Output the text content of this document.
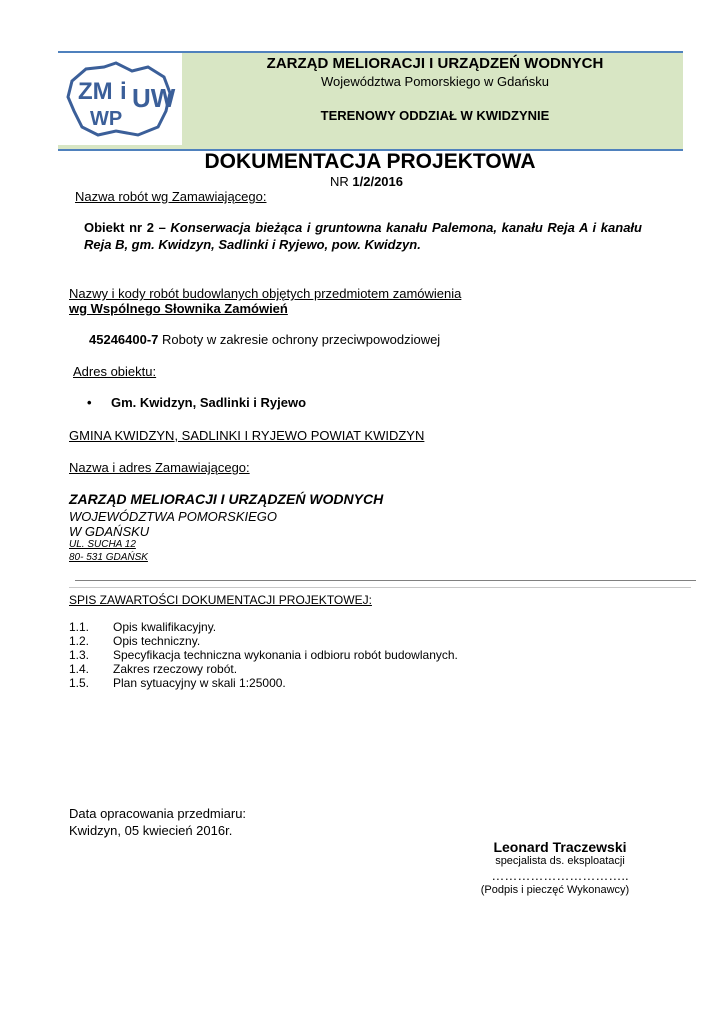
ZM i UW
WP
ZARZĄD MELIORACJI I URZĄDZEŃ WODNYCH
Województwa Pomorskiego w Gdańsku
TERENOWY ODDZIAŁ W KWIDZYNIE
DOKUMENTACJA PROJEKTOWA
NR 1/2/2016
Nazwa robót wg Zamawiającego:
Obiekt nr 2 – Konserwacja bieżąca i gruntowna kanału Palemona, kanału Reja A i kanału Reja B, gm. Kwidzyn, Sadlinki i Ryjewo, pow. Kwidzyn.
Nazwy i kody robót budowlanych objętych przedmiotem zamówienia
wg Wspólnego Słownika Zamówień
45246400-7 Roboty w zakresie ochrony przeciwpowodziowej
Adres obiektu:
• Gm. Kwidzyn, Sadlinki i Ryjewo
GMINA KWIDZYN, SADLINKI I RYJEWO POWIAT KWIDZYN
Nazwa i adres Zamawiającego:
ZARZĄD MELIORACJI I URZĄDZEŃ WODNYCH
WOJEWÓDZTWA POMORSKIEGO
W GDAŃSKU
UL. SUCHA 12
80- 531 GDAŃSK
SPIS ZAWARTOŚCI DOKUMENTACJI PROJEKTOWEJ:
1.1. Opis kwalifikacyjny.
1.2. Opis techniczny.
1.3. Specyfikacja techniczna wykonania i odbioru robót budowlanych.
1.4. Zakres rzeczowy robót.
1.5. Plan sytuacyjny w skali 1:25000.
Data opracowania przedmiaru:
Kwidzyn, 05 kwiecień 2016r.
Leonard Traczewski
specjalista ds. eksploatacji
…………………………..
(Podpis i pieczęć Wykonawcy)
